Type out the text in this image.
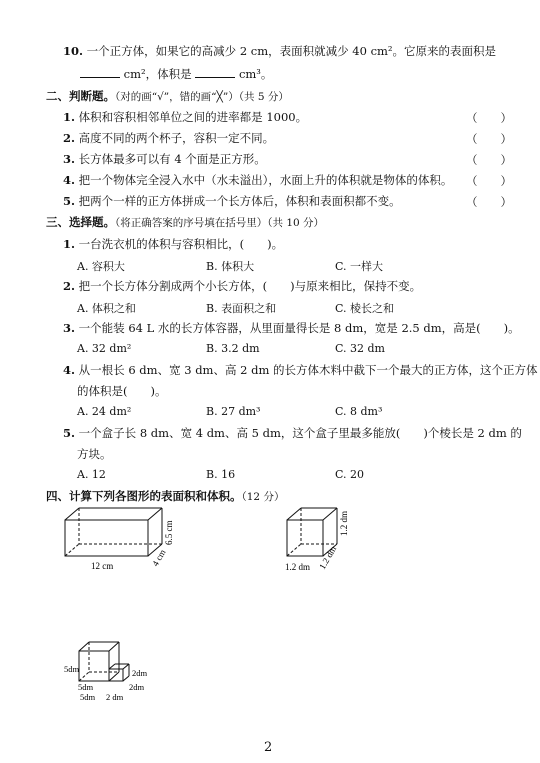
10. 一个正方体，如果它的高减少 2 cm，表面积就减少 40 cm²。它原来的表面积是
cm²，体积是	cm³。
二、判断题。（对的画“√”，错的画“╳”）（共 5 分）
1. 体积和容积相邻单位之间的进率都是 1000。	（　　）
2. 高度不同的两个杯子，容积一定不同。	（　　）
3. 长方体最多可以有 4 个面是正方形。	（　　）
4. 把一个物体完全浸入水中（水未溢出），水面上升的体积就是物体的体积。 （　　）
5. 把两个一样的正方体拼成一个长方体后，体积和表面积都不变。	（　　）
三、选择题。（将正确答案的序号填在括号里）（共 10 分）
1. 一台洗衣机的体积与容积相比，(　　)。
A. 容积大	B. 体积大	C. 一样大
2. 把一个长方体分割成两个小长方体，(　　)与原来相比，保持不变。
A. 体积之和	B. 表面积之和	C. 棱长之和
3. 一个能装 64 L 水的长方体容器，从里面量得长是 8 dm，宽是 2.5 dm，高是(　　)。
A. 32 dm²	B. 3.2 dm	C. 32 dm
4. 从一根长 6 dm、宽 3 dm、高 2 dm 的长方体木料中截下一个最大的正方体，这个正方体
的体积是(　　)。
A. 24 dm²	B. 27 dm³	C. 8 dm³
5. 一个盒子长 8 dm、宽 4 dm、高 5 dm，这个盒子里最多能放(　　)个棱长是 2 dm 的
方块。
A. 12	B. 16	C. 20
四、计算下列各图形的表面积和体积。（12 分）
12 cm	4 cm
6.5 cm
1.2 dm 1.2 dm
1.2 dm
5dm
5dm
5dm
2dm
2dm
2 dm
2
